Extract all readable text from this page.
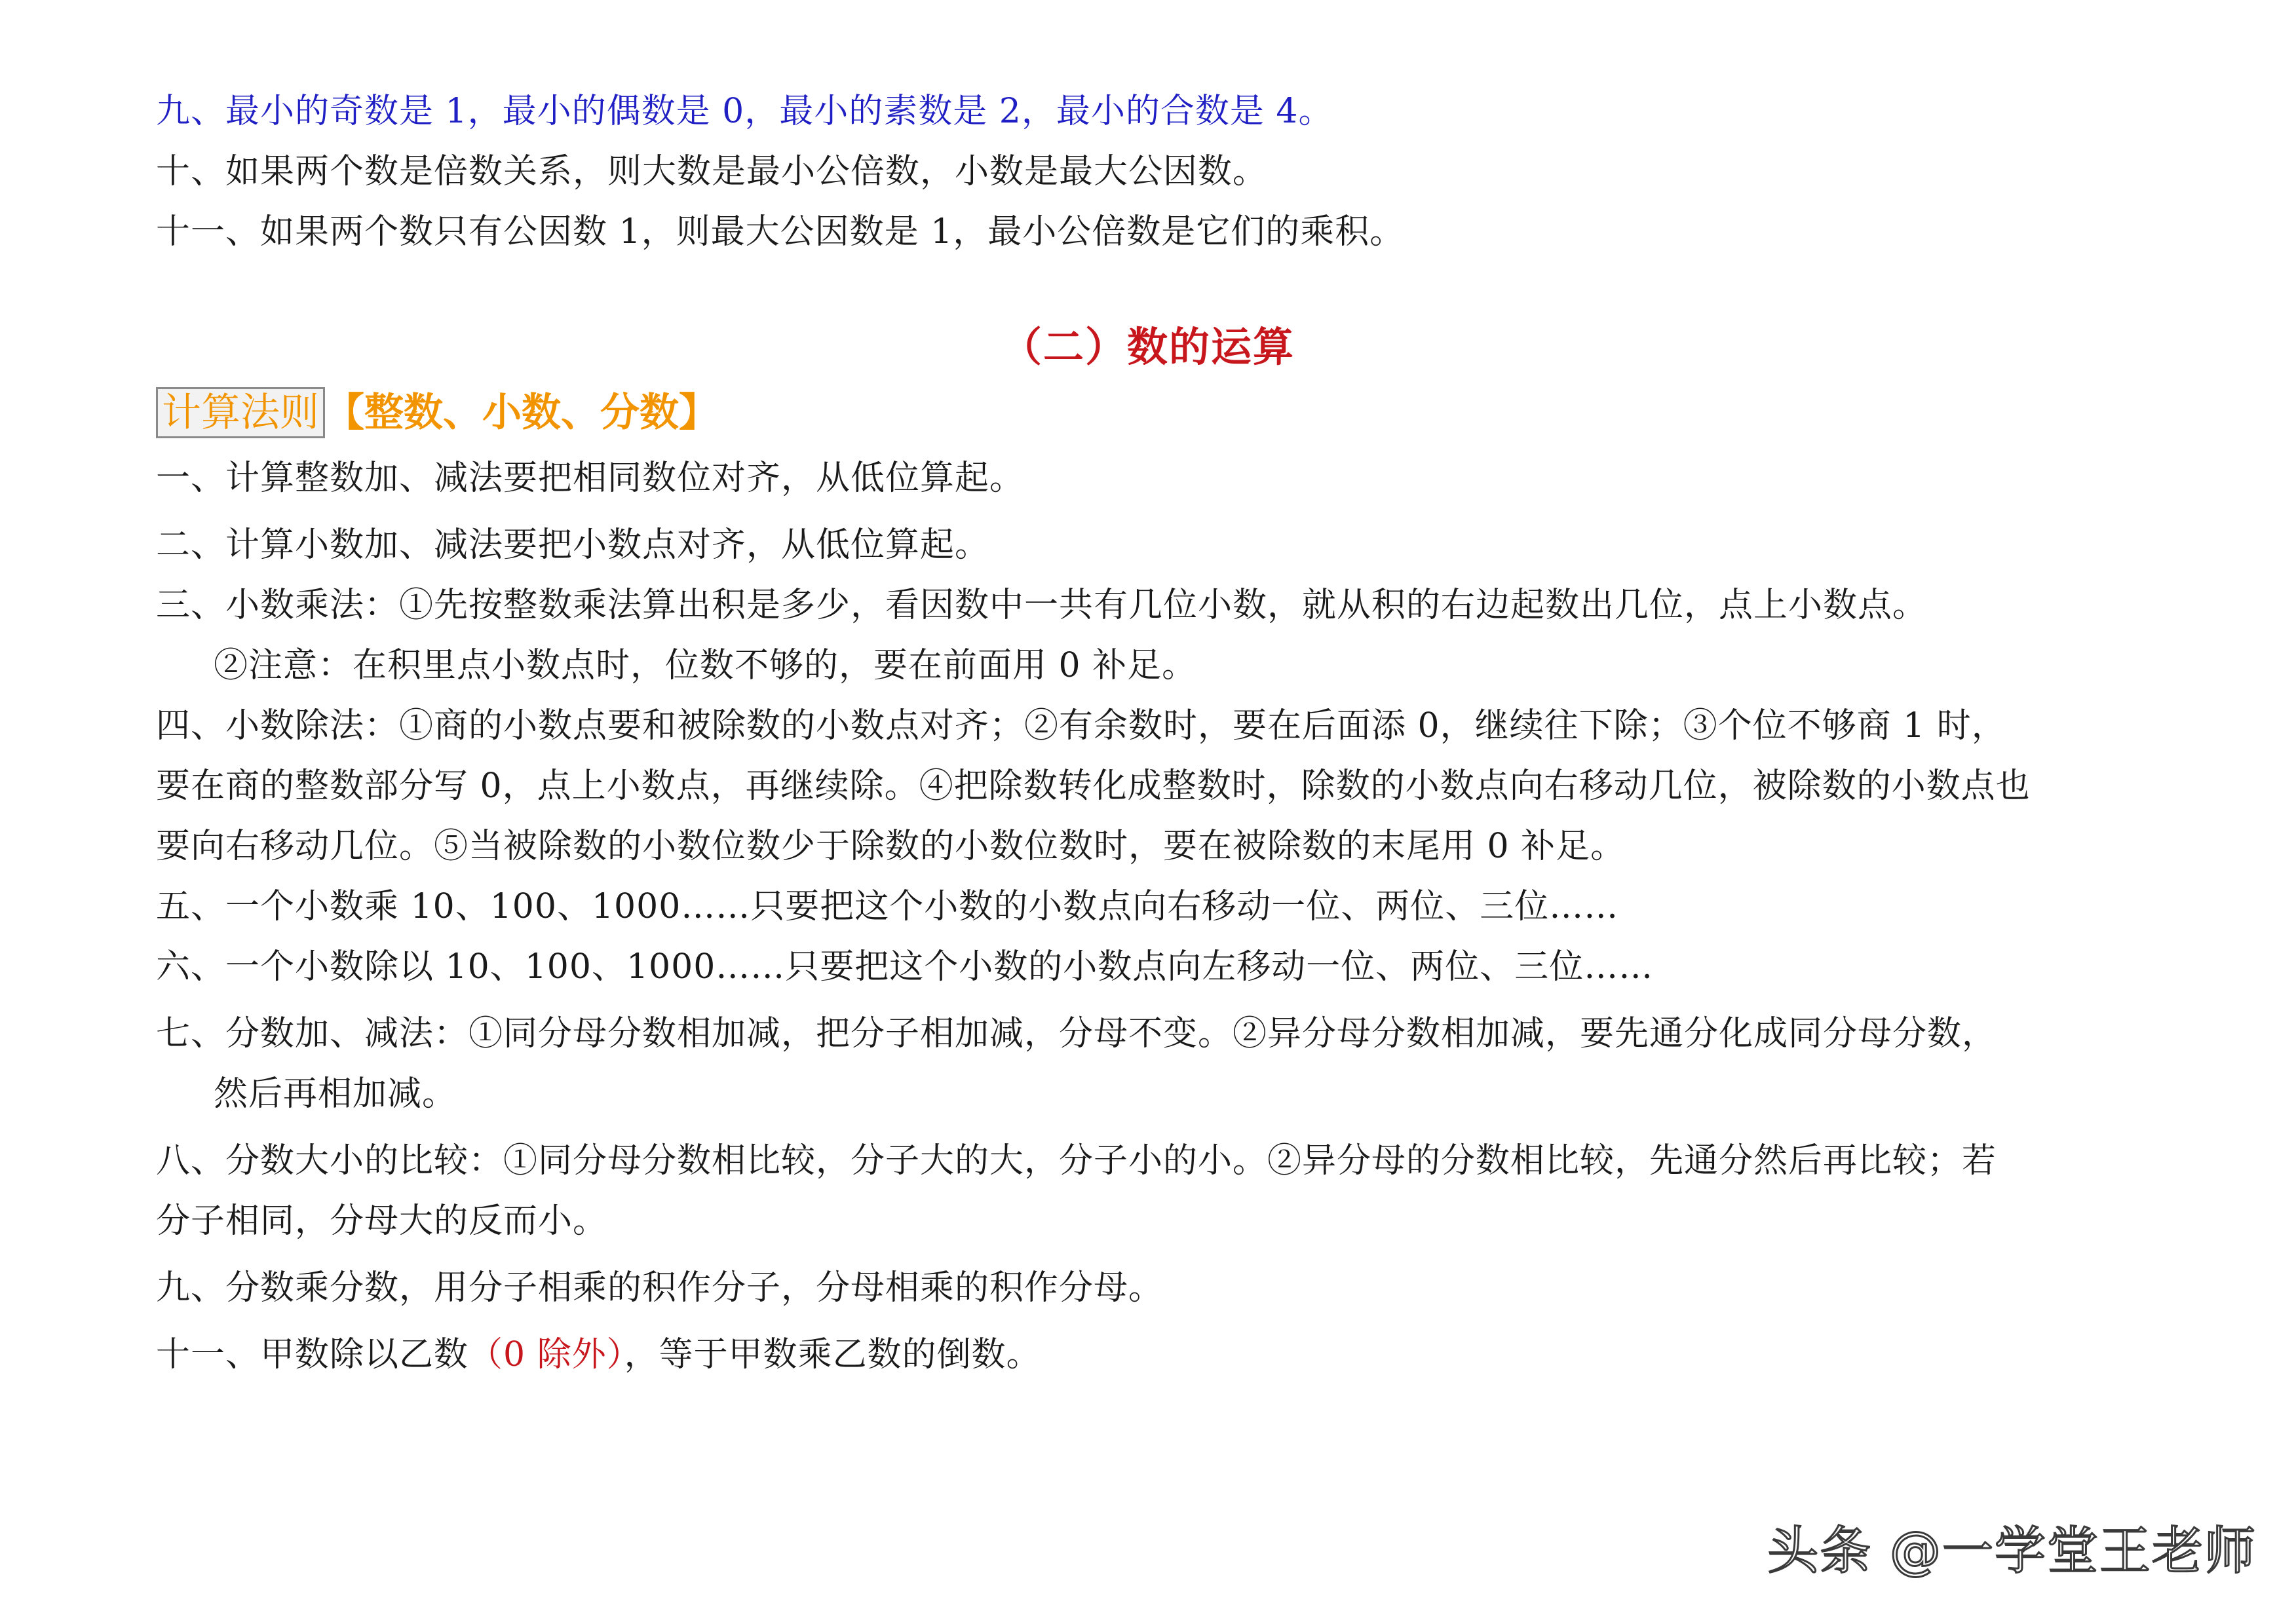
九、最小的奇数是 1，最小的偶数是 0，最小的素数是 2，最小的合数是 4。
十、如果两个数是倍数关系，则大数是最小公倍数，小数是最大公因数。
十一、如果两个数只有公因数 1，则最大公因数是 1，最小公倍数是它们的乘积。
（二）数的运算
计算法则 【整数、小数、分数】
一、计算整数加、减法要把相同数位对齐，从低位算起。
二、计算小数加、减法要把小数点对齐，从低位算起。
三、小数乘法：①先按整数乘法算出积是多少，看因数中一共有几位小数，就从积的右边起数出几位，点上小数点。
②注意：在积里点小数点时，位数不够的，要在前面用 0 补足。
四、小数除法：①商的小数点要和被除数的小数点对齐；②有余数时，要在后面添 0，继续往下除；③个位不够商 1 时，
要在商的整数部分写 0，点上小数点，再继续除。④把除数转化成整数时，除数的小数点向右移动几位，被除数的小数点也
要向右移动几位。⑤当被除数的小数位数少于除数的小数位数时，要在被除数的末尾用 0 补足。
五、一个小数乘 10、100、1000……只要把这个小数的小数点向右移动一位、两位、三位……
六、一个小数除以 10、100、1000……只要把这个小数的小数点向左移动一位、两位、三位……
七、分数加、减法：①同分母分数相加减，把分子相加减，分母不变。②异分母分数相加减，要先通分化成同分母分数，
然后再相加减。
八、分数大小的比较：①同分母分数相比较，分子大的大，分子小的小。②异分母的分数相比较，先通分然后再比较；若
分子相同，分母大的反而小。
九、分数乘分数，用分子相乘的积作分子，分母相乘的积作分母。
十一、甲数除以乙数（0 除外），等于甲数乘乙数的倒数。
头条 @一学堂王老师
